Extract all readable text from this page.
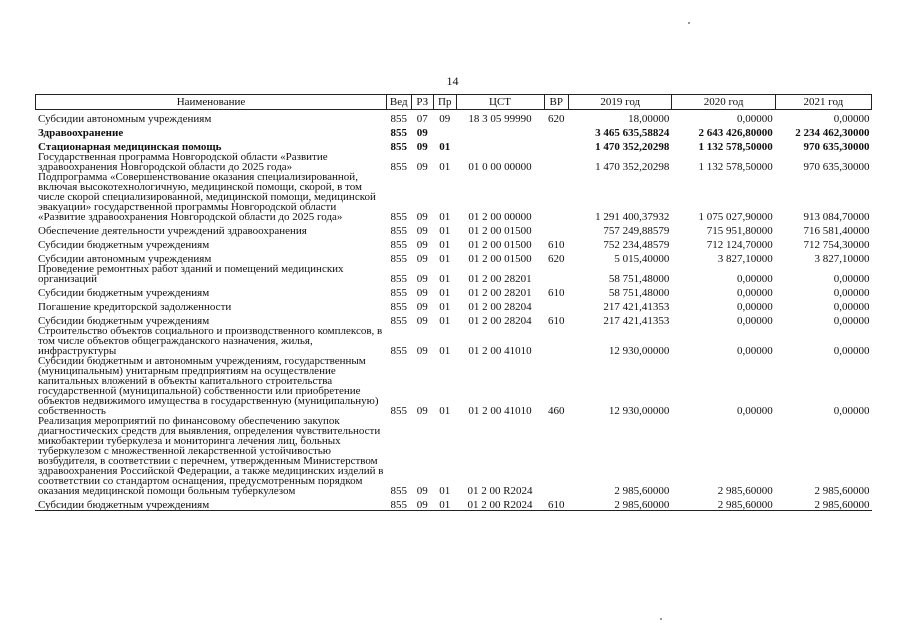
14
Наименование	Вед	РЗ	Пр	ЦСТ	ВР	2019 год	2020 год	2021 год
Субсидии автономным учреждениям	855	07	09	18 3 05 99990	620	18,00000	0,00000	0,00000
Здравоохранение	855	09				3 465 635,58824	2 643 426,80000	2 234 462,30000
Стационарная медицинская помощь	855	09	01			1 470 352,20298	1 132 578,50000	970 635,30000
Государственная программа Новгородской области «Развитие здравоохранения Новгородской области до 2025 года»	855	09	01	01 0 00 00000		1 470 352,20298	1 132 578,50000	970 635,30000
Подпрограмма «Совершенствование оказания специализированной, включая высокотехнологичную, медицинской помощи, скорой, в том числе скорой специализированной, медицинской помощи, медицинской эвакуации» государственной программы Новгородской области «Развитие здравоохранения Новгородской области до 2025 года»	855	09	01	01 2 00 00000		1 291 400,37932	1 075 027,90000	913 084,70000
Обеспечение деятельности учреждений здравоохранения	855	09	01	01 2 00 01500		757 249,88579	715 951,80000	716 581,40000
Субсидии бюджетным учреждениям	855	09	01	01 2 00 01500	610	752 234,48579	712 124,70000	712 754,30000
Субсидии автономным учреждениям	855	09	01	01 2 00 01500	620	5 015,40000	3 827,10000	3 827,10000
Проведение ремонтных работ зданий и помещений медицинских организаций	855	09	01	01 2 00 28201		58 751,48000	0,00000	0,00000
Субсидии бюджетным учреждениям	855	09	01	01 2 00 28201	610	58 751,48000	0,00000	0,00000
Погашение кредиторской задолженности	855	09	01	01 2 00 28204		217 421,41353	0,00000	0,00000
Субсидии бюджетным учреждениям	855	09	01	01 2 00 28204	610	217 421,41353	0,00000	0,00000
Строительство объектов социального и производственного комплексов, в том числе объектов общегражданского назначения, жилья, инфраструктуры	855	09	01	01 2 00 41010		12 930,00000	0,00000	0,00000
Субсидии бюджетным и автономным учреждениям, государственным (муниципальным) унитарным предприятиям на осуществление капитальных вложений в объекты капитального строительства государственной (муниципальной) собственности или приобретение объектов недвижимого имущества в государственную (муниципальную) собственность	855	09	01	01 2 00 41010	460	12 930,00000	0,00000	0,00000
Реализация мероприятий по финансовому обеспечению закупок диагностических средств для выявления, определения чувствительности микобактерии туберкулеза и мониторинга лечения лиц, больных туберкулезом с множественной лекарственной устойчивостью возбудителя, в соответствии с перечнем, утвержденным Министерством здравоохранения Российской Федерации, а также медицинских изделий в соответствии со стандартом оснащения, предусмотренным порядком оказания медицинской помощи больным туберкулезом	855	09	01	01 2 00 R2024		2 985,60000	2 985,60000	2 985,60000
Субсидии бюджетным учреждениям	855	09	01	01 2 00 R2024	610	2 985,60000	2 985,60000	2 985,60000
